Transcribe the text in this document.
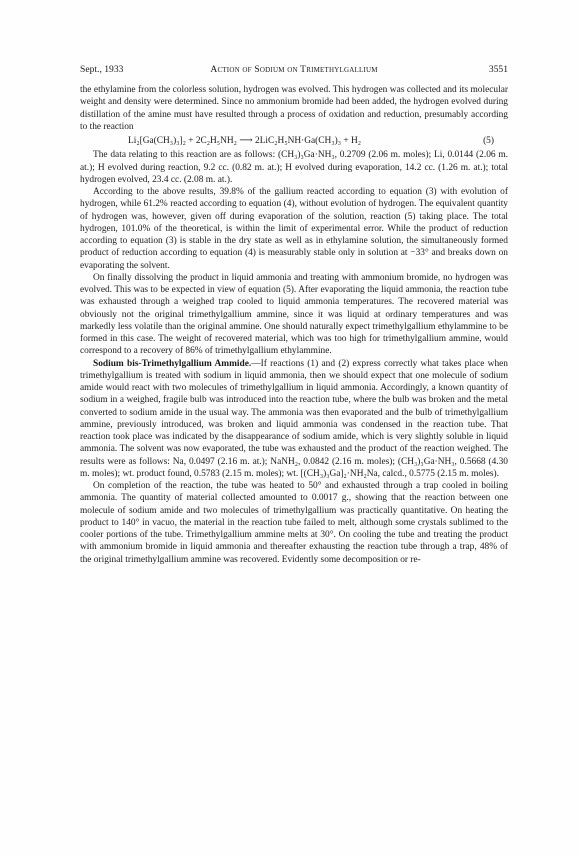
Sept., 1933	Action of Sodium on Trimethylgallium	3551

the ethylamine from the colorless solution, hydrogen was evolved. This hydrogen was collected and its molecular weight and density were determined. Since no ammonium bromide had been added, the hydrogen evolved during distillation of the amine must have resulted through a process of oxidation and reduction, presumably according to the reaction

Li₂[Ga(CH₃)₃]₂ + 2C₂H₅NH₂ ⟶ 2LiC₂H₅NH·Ga(CH₃)₃ + H₂	(5)

The data relating to this reaction are as follows: (CH₃)₃Ga·NH₃, 0.2709 (2.06 m. moles); Li, 0.0144 (2.06 m. at.); H evolved during reaction, 9.2 cc. (0.82 m. at.); H evolved during evaporation, 14.2 cc. (1.26 m. at.); total hydrogen evolved, 23.4 cc. (2.08 m. at.).

According to the above results, 39.8% of the gallium reacted according to equation (3) with evolution of hydrogen, while 61.2% reacted according to equation (4), without evolution of hydrogen. The equivalent quantity of hydrogen was, however, given off during evaporation of the solution, reaction (5) taking place. The total hydrogen, 101.0% of the theoretical, is within the limit of experimental error. While the product of reduction according to equation (3) is stable in the dry state as well as in ethylamine solution, the simultaneously formed product of reduction according to equation (4) is measurably stable only in solution at −33° and breaks down on evaporating the solvent.

On finally dissolving the product in liquid ammonia and treating with ammonium bromide, no hydrogen was evolved. This was to be expected in view of equation (5). After evaporating the liquid ammonia, the reaction tube was exhausted through a weighed trap cooled to liquid ammonia temperatures. The recovered material was obviously not the original trimethylgallium ammine, since it was liquid at ordinary temperatures and was markedly less volatile than the original ammine. One should naturally expect trimethylgallium ethylammine to be formed in this case. The weight of recovered material, which was too high for trimethylgallium ammine, would correspond to a recovery of 86% of trimethylgallium ethylammine.

Sodium bis-Trimethylgallium Ammide.—If reactions (1) and (2) express correctly what takes place when trimethylgallium is treated with sodium in liquid ammonia, then we should expect that one molecule of sodium amide would react with two molecules of trimethylgallium in liquid ammonia. Accordingly, a known quantity of sodium in a weighed, fragile bulb was introduced into the reaction tube, where the bulb was broken and the metal converted to sodium amide in the usual way. The ammonia was then evaporated and the bulb of trimethylgallium ammine, previously introduced, was broken and liquid ammonia was condensed in the reaction tube. That reaction took place was indicated by the disappearance of sodium amide, which is very slightly soluble in liquid ammonia. The solvent was now evaporated, the tube was exhausted and the product of the reaction weighed. The results were as follows: Na, 0.0497 (2.16 m. at.); NaNH₂, 0.0842 (2.16 m. moles); (CH₃)₃Ga·NH₃, 0.5668 (4.30 m. moles); wt. product found, 0.5783 (2.15 m. moles); wt. [(CH₃)₃Ga]₂·NH₂Na, calcd., 0.5775 (2.15 m. moles).

On completion of the reaction, the tube was heated to 50° and exhausted through a trap cooled in boiling ammonia. The quantity of material collected amounted to 0.0017 g., showing that the reaction between one molecule of sodium amide and two molecules of trimethylgallium was practically quantitative. On heating the product to 140° in vacuo, the material in the reaction tube failed to melt, although some crystals sublimed to the cooler portions of the tube. Trimethylgallium ammine melts at 30°. On cooling the tube and treating the product with ammonium bromide in liquid ammonia and thereafter exhausting the reaction tube through a trap, 48% of the original trimethylgallium ammine was recovered. Evidently some decomposition or re-
